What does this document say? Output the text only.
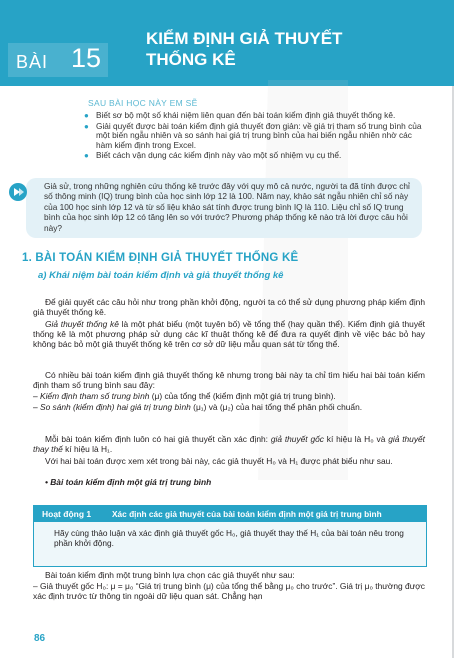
BÀI 15
KIỂM ĐỊNH GIẢ THUYẾT
THỐNG KÊ
SAU BÀI HỌC NÀY EM SẼ
● Biết sơ bộ một số khái niệm liên quan đến bài toán kiểm định giả thuyết thống kê.
● Giải quyết được bài toán kiểm định giả thuyết đơn giản: về giá trị tham số trung bình của một biến ngẫu nhiên và so sánh hai giá trị trung bình của hai biến ngẫu nhiên nhờ các hàm kiểm định trong Excel.
● Biết cách vận dụng các kiểm định này vào một số nhiệm vụ cụ thể.
Giả sử, trong những nghiên cứu thống kê trước đây với quy mô cả nước, người ta đã tính được chỉ số thông minh (IQ) trung bình của học sinh lớp 12 là 100. Năm nay, khảo sát ngẫu nhiên chỉ số này của 100 học sinh lớp 12 và từ số liệu khảo sát tính được trung bình IQ là 110. Liệu chỉ số IQ trung bình của học sinh lớp 12 có tăng lên so với trước? Phương pháp thống kê nào trả lời được câu hỏi này?
1. BÀI TOÁN KIỂM ĐỊNH GIẢ THUYẾT THỐNG KÊ
a) Khái niệm bài toán kiểm định và giả thuyết thống kê

Để giải quyết các câu hỏi như trong phần khởi động, người ta có thể sử dụng phương pháp kiểm định giả thuyết thống kê.

Giả thuyết thống kê là một phát biểu (một tuyên bố) về tổng thể (hay quần thể). Kiểm định giả thuyết thống kê là một phương pháp sử dụng các kĩ thuật thống kê để đưa ra quyết định về việc bác bỏ hay không bác bỏ một giả thuyết thống kê trên cơ sở dữ liệu mẫu quan sát từ tổng thể.

Có nhiều bài toán kiểm định giả thuyết thống kê nhưng trong bài này ta chỉ tìm hiểu hai bài toán kiểm định tham số trung bình sau đây:

– Kiểm định tham số trung bình (μ) của tổng thể (kiểm định một giá trị trung bình).

– So sánh (kiểm định) hai giá trị trung bình (μ₁) và (μ₂) của hai tổng thể phân phối chuẩn.

Mỗi bài toán kiểm định luôn có hai giả thuyết cần xác định: giả thuyết gốc kí hiệu là H₀ và giả thuyết thay thế kí hiệu là H₁.

Với hai bài toán được xem xét trong bài này, các giả thuyết H₀ và H₁ được phát biểu như sau.

• Bài toán kiểm định một giá trị trung bình

Hoạt động 1	Xác định các giả thuyết của bài toán kiểm định một giá trị trung bình
Hãy cùng thảo luận và xác định giả thuyết gốc H₀, giả thuyết thay thế H₁ của bài toán nêu trong phần khởi động.

Bài toán kiểm định một trung bình lựa chọn các giả thuyết như sau:

– Giả thuyết gốc H₀: μ = μ₀ “Giá trị trung bình (μ) của tổng thể bằng μ₀ cho trước”. Giá trị μ₀ thường được xác định trước từ thông tin ngoài dữ liệu quan sát. Chẳng hạn

86
